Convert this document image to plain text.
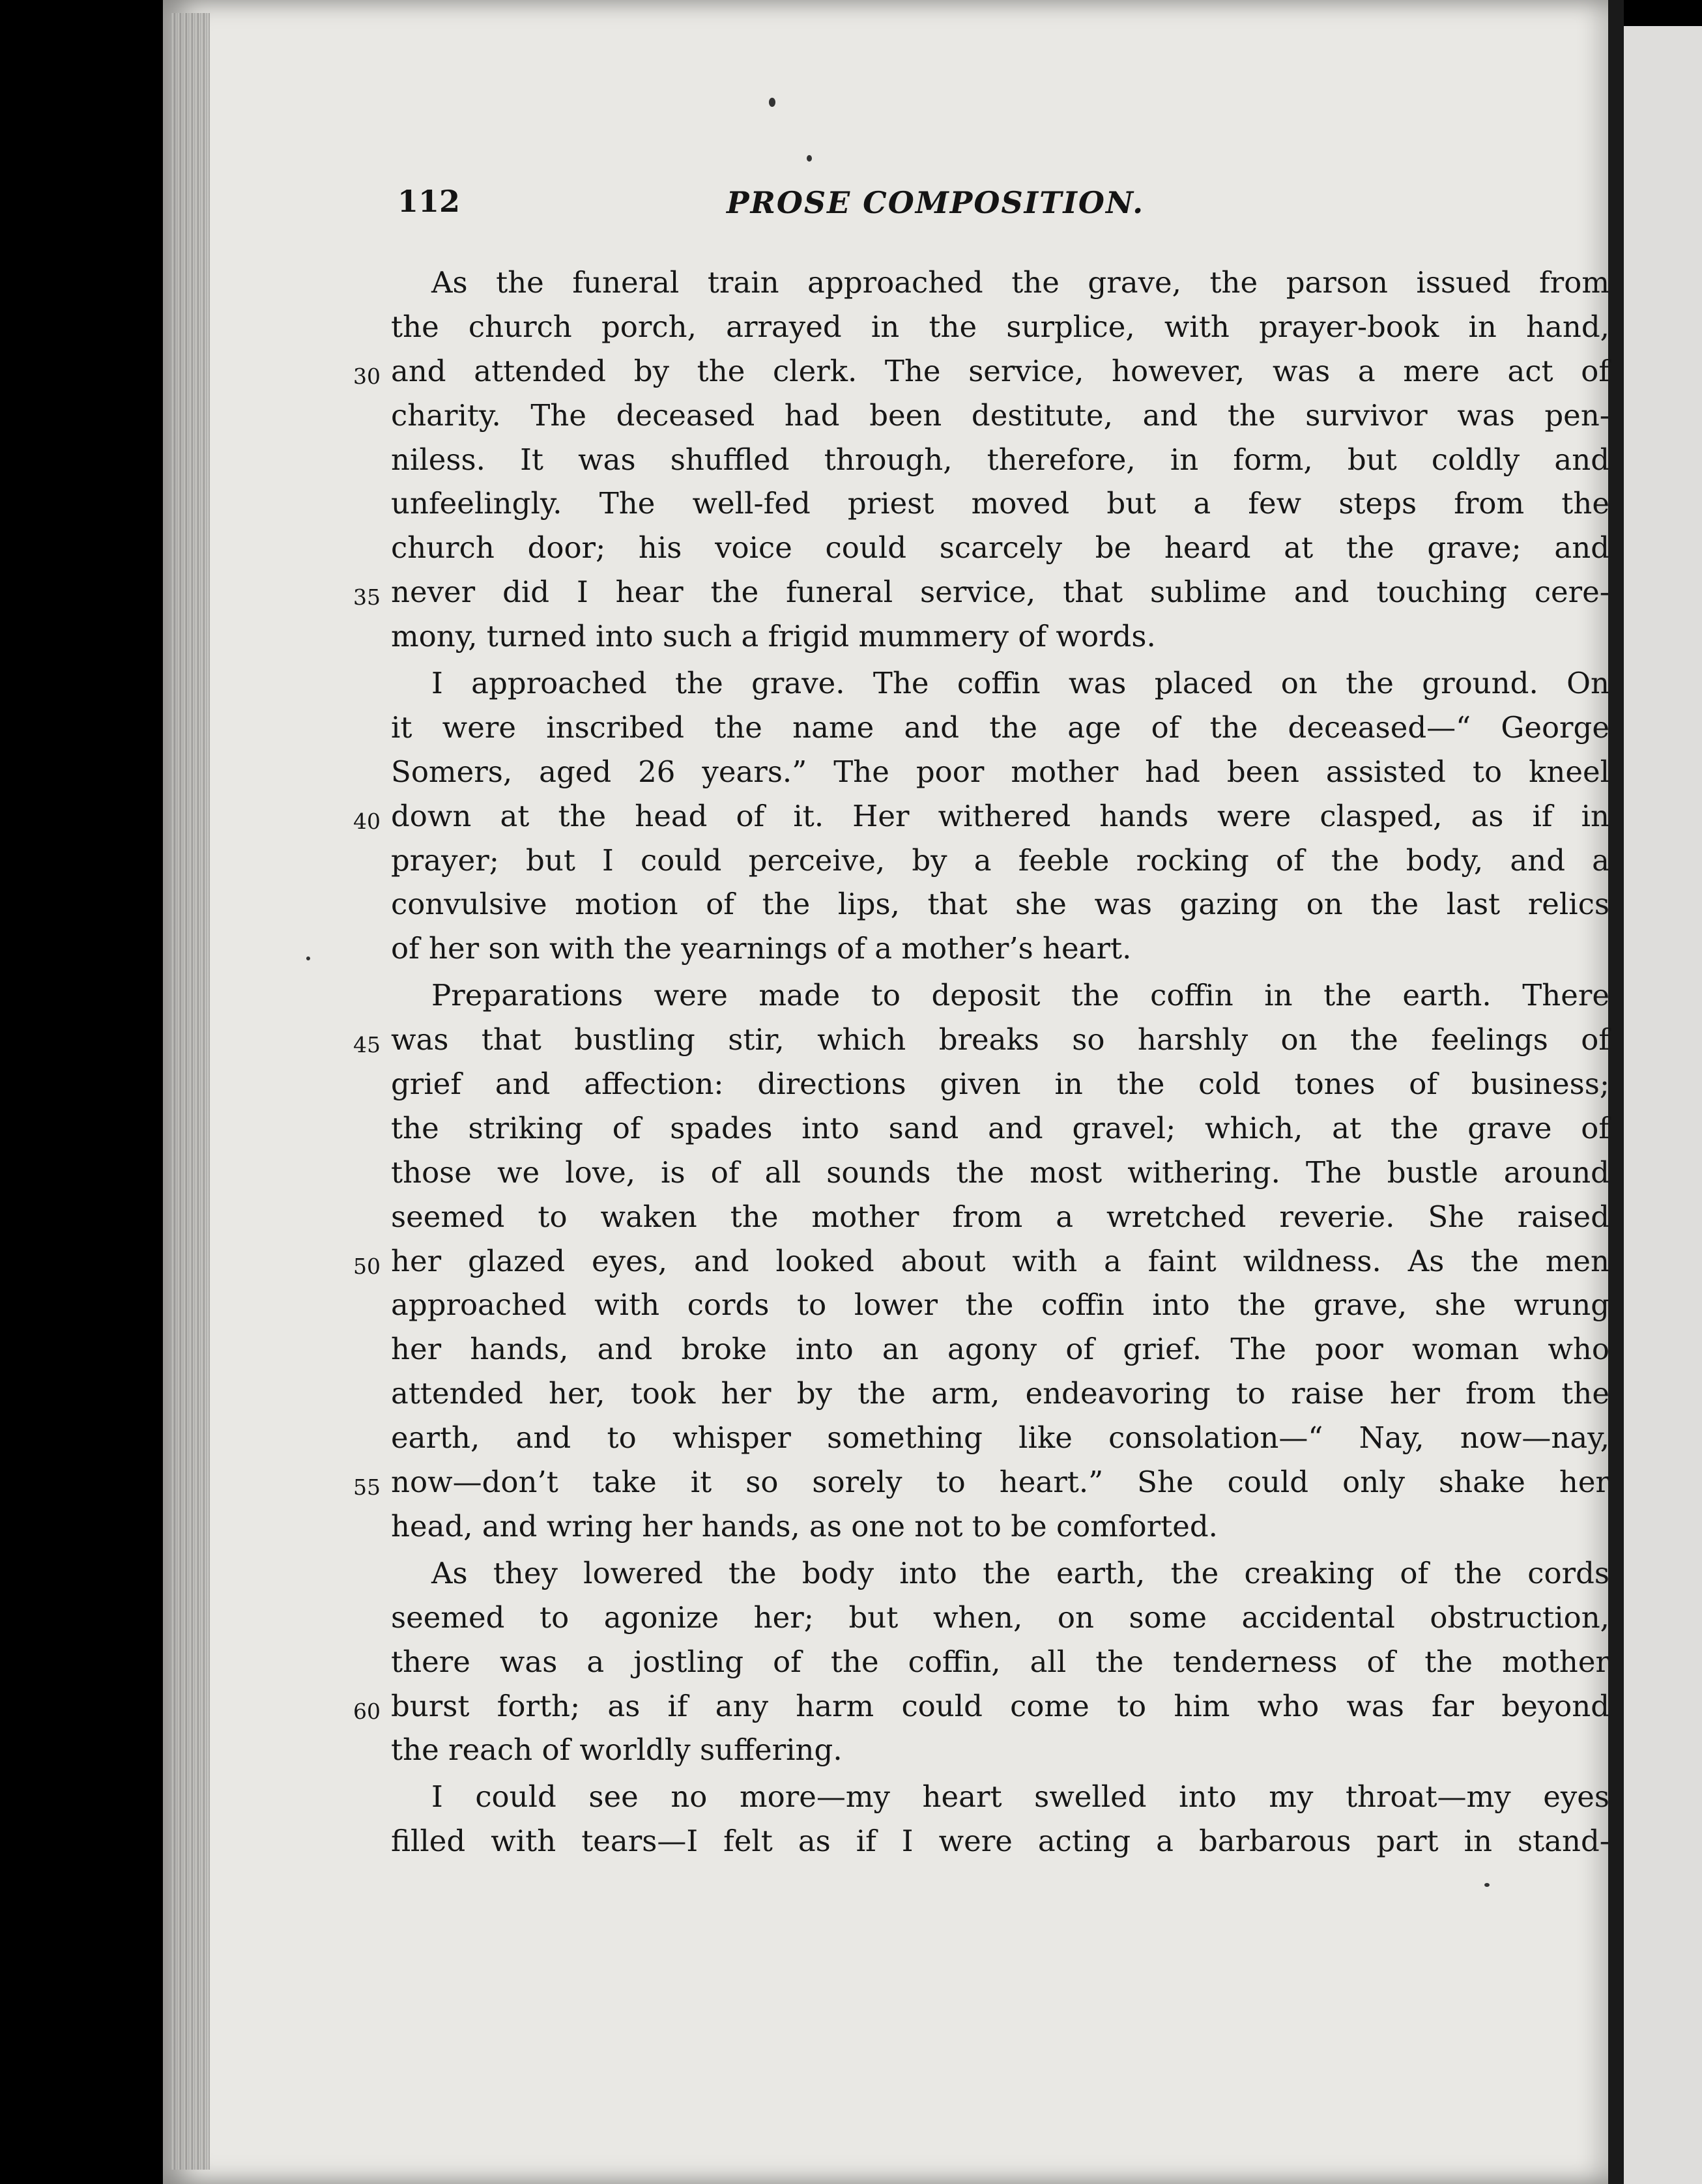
112	PROSE COMPOSITION.
As the funeral train approached the grave, the parson issued from
the church porch, arrayed in the surplice, with prayer-book in hand,
and attended by the clerk. The service, however, was a mere act of
30
charity. The deceased had been destitute, and the survivor was pen-
niless. It was shuffled through, therefore, in form, but coldly and
unfeelingly. The well-fed priest moved but a few steps from the
church door; his voice could scarcely be heard at the grave; and
never did I hear the funeral service, that sublime and touching cere-
35
mony, turned into such a frigid mummery of words.
I approached the grave. The coffin was placed on the ground. On
it were inscribed the name and the age of the deceased—“ George
Somers, aged 26 years.” The poor mother had been assisted to kneel
down at the head of it. Her withered hands were clasped, as if in
40
prayer; but I could perceive, by a feeble rocking of the body, and a
convulsive motion of the lips, that she was gazing on the last relics
of her son with the yearnings of a mother’s heart.
Preparations were made to deposit the coffin in the earth. There
was that bustling stir, which breaks so harshly on the feelings of
45
grief and affection: directions given in the cold tones of business;
the striking of spades into sand and gravel; which, at the grave of
those we love, is of all sounds the most withering. The bustle around
seemed to waken the mother from a wretched reverie. She raised
her glazed eyes, and looked about with a faint wildness. As the men
50
approached with cords to lower the coffin into the grave, she wrung
her hands, and broke into an agony of grief. The poor woman who
attended her, took her by the arm, endeavoring to raise her from the
earth, and to whisper something like consolation—“ Nay, now—nay,
now—don’t take it so sorely to heart.” She could only shake her
55
head, and wring her hands, as one not to be comforted.
As they lowered the body into the earth, the creaking of the cords
seemed to agonize her; but when, on some accidental obstruction,
there was a jostling of the coffin, all the tenderness of the mother
burst forth; as if any harm could come to him who was far beyond
60
the reach of worldly suffering.
I could see no more—my heart swelled into my throat—my eyes
filled with tears—I felt as if I were acting a barbarous part in stand-
